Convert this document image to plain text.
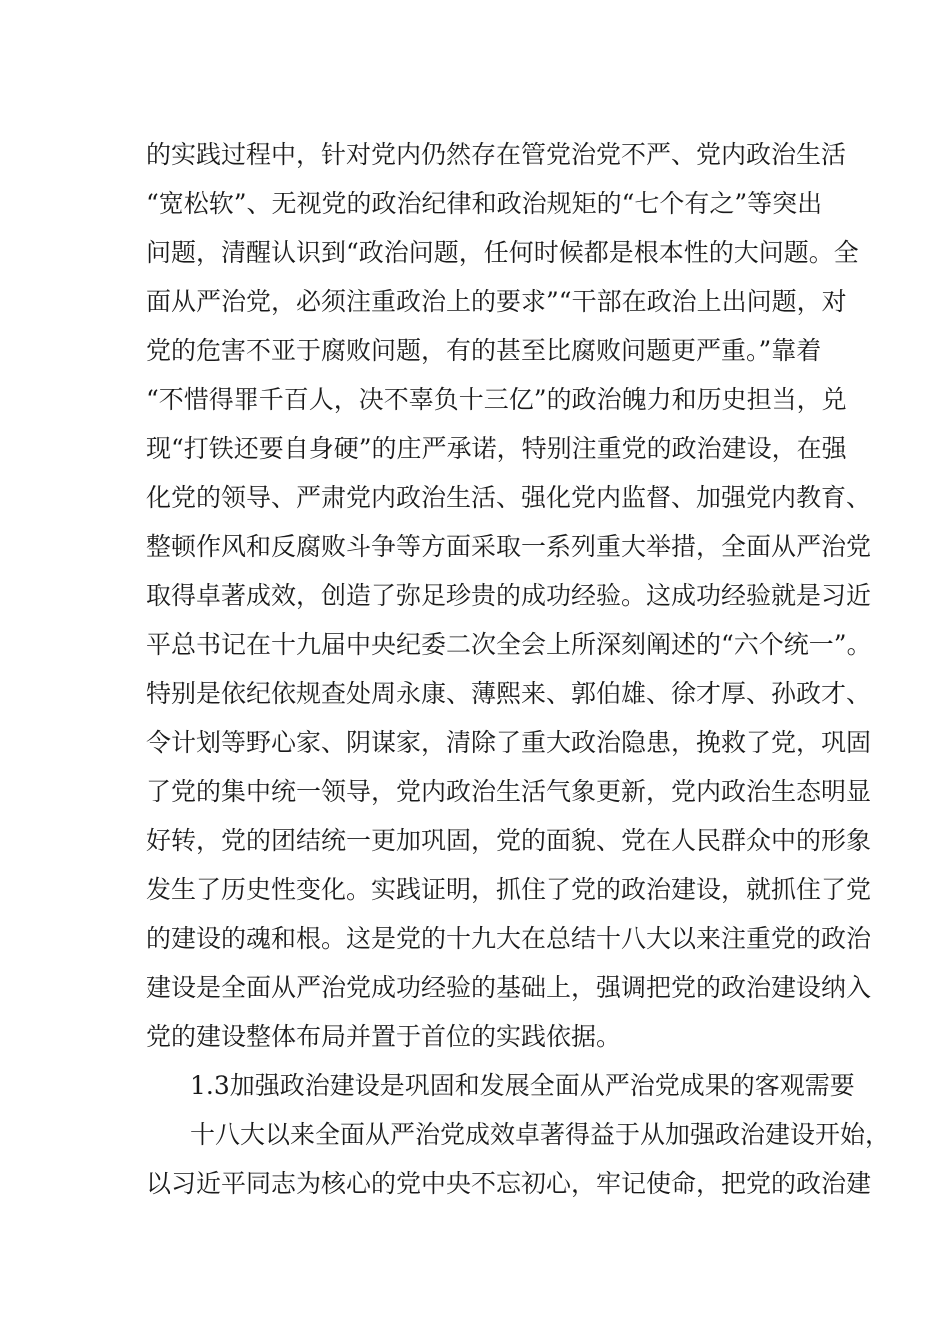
的实践过程中，针对党内仍然存在管党治党不严、党内政治生活
“宽松软”、无视党的政治纪律和政治规矩的“七个有之”等突出
问题，清醒认识到“政治问题，任何时候都是根本性的大问题。全
面从严治党，必须注重政治上的要求”“干部在政治上出问题，对
党的危害不亚于腐败问题，有的甚至比腐败问题更严重。”靠着
“不惜得罪千百人，决不辜负十三亿”的政治魄力和历史担当，兑
现“打铁还要自身硬”的庄严承诺，特别注重党的政治建设，在强
化党的领导、严肃党内政治生活、强化党内监督、加强党内教育、
整顿作风和反腐败斗争等方面采取一系列重大举措，全面从严治党
取得卓著成效，创造了弥足珍贵的成功经验。这成功经验就是习近
平总书记在十九届中央纪委二次全会上所深刻阐述的“六个统一”。
特别是依纪依规查处周永康、薄熙来、郭伯雄、徐才厚、孙政才、
令计划等野心家、阴谋家，清除了重大政治隐患，挽救了党，巩固
了党的集中统一领导，党内政治生活气象更新，党内政治生态明显
好转，党的团结统一更加巩固，党的面貌、党在人民群众中的形象
发生了历史性变化。实践证明，抓住了党的政治建设，就抓住了党
的建设的魂和根。这是党的十九大在总结十八大以来注重党的政治
建设是全面从严治党成功经验的基础上，强调把党的政治建设纳入
党的建设整体布局并置于首位的实践依据。
1.3加强政治建设是巩固和发展全面从严治党成果的客观需要
十八大以来全面从严治党成效卓著得益于从加强政治建设开始，
以习近平同志为核心的党中央不忘初心，牢记使命，把党的政治建
